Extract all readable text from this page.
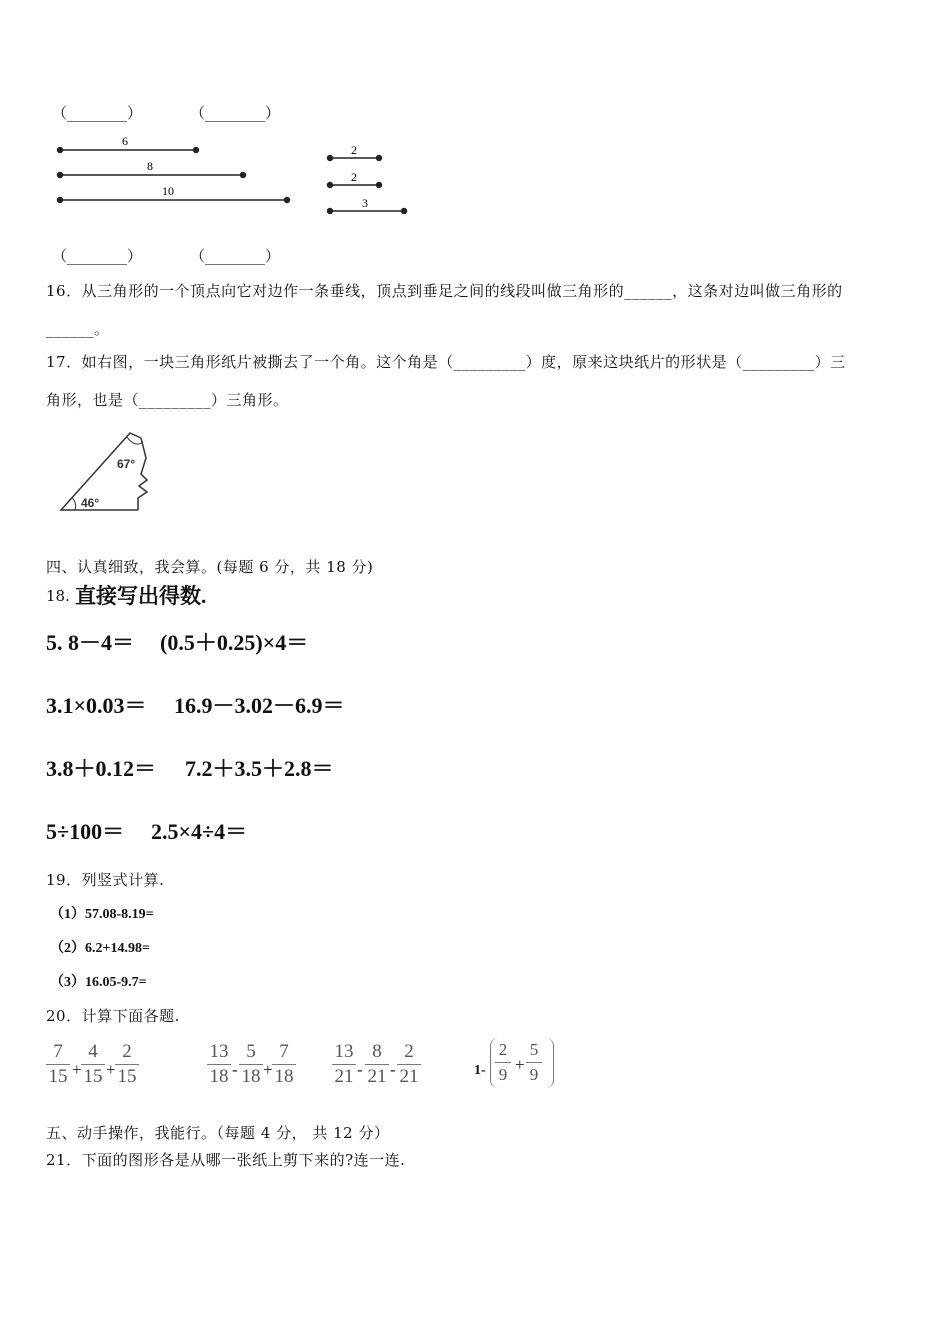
（________）	（________）
6
8
10
2
2
3
（________）	（________）
16．从三角形的一个顶点向它对边作一条垂线，顶点到垂足之间的线段叫做三角形的______，这条对边叫做三角形的
______。
17．如右图，一块三角形纸片被撕去了一个角。这个角是（_________）度，原来这块纸片的形状是（_________）三
角形，也是（_________）三角形。
67°
46°
四、认真细致，我会算。(每题 6 分，共 18 分)
18. 直接写出得数.
5. 8－4＝ (0.5＋0.25)×4＝
3.1×0.03＝ 16.9－3.02－6.9＝
3.8＋0.12＝ 7.2＋3.5＋2.8＝
5÷100＝ 2.5×4÷4＝
19．列竖式计算.
（1）57.08-8.19=
（2）6.2+14.98=
（3）16.05-9.7=
20．计算下面各题.
7
15 +
4
15 +
2
15
13
18 -
5
18 +
7
18
13
21 -
8
21 -
2
21	1-
2
9
+
5
9
五、动手操作，我能行。（每题 4 分， 共 12 分）
21．下面的图形各是从哪一张纸上剪下来的?连一连.
